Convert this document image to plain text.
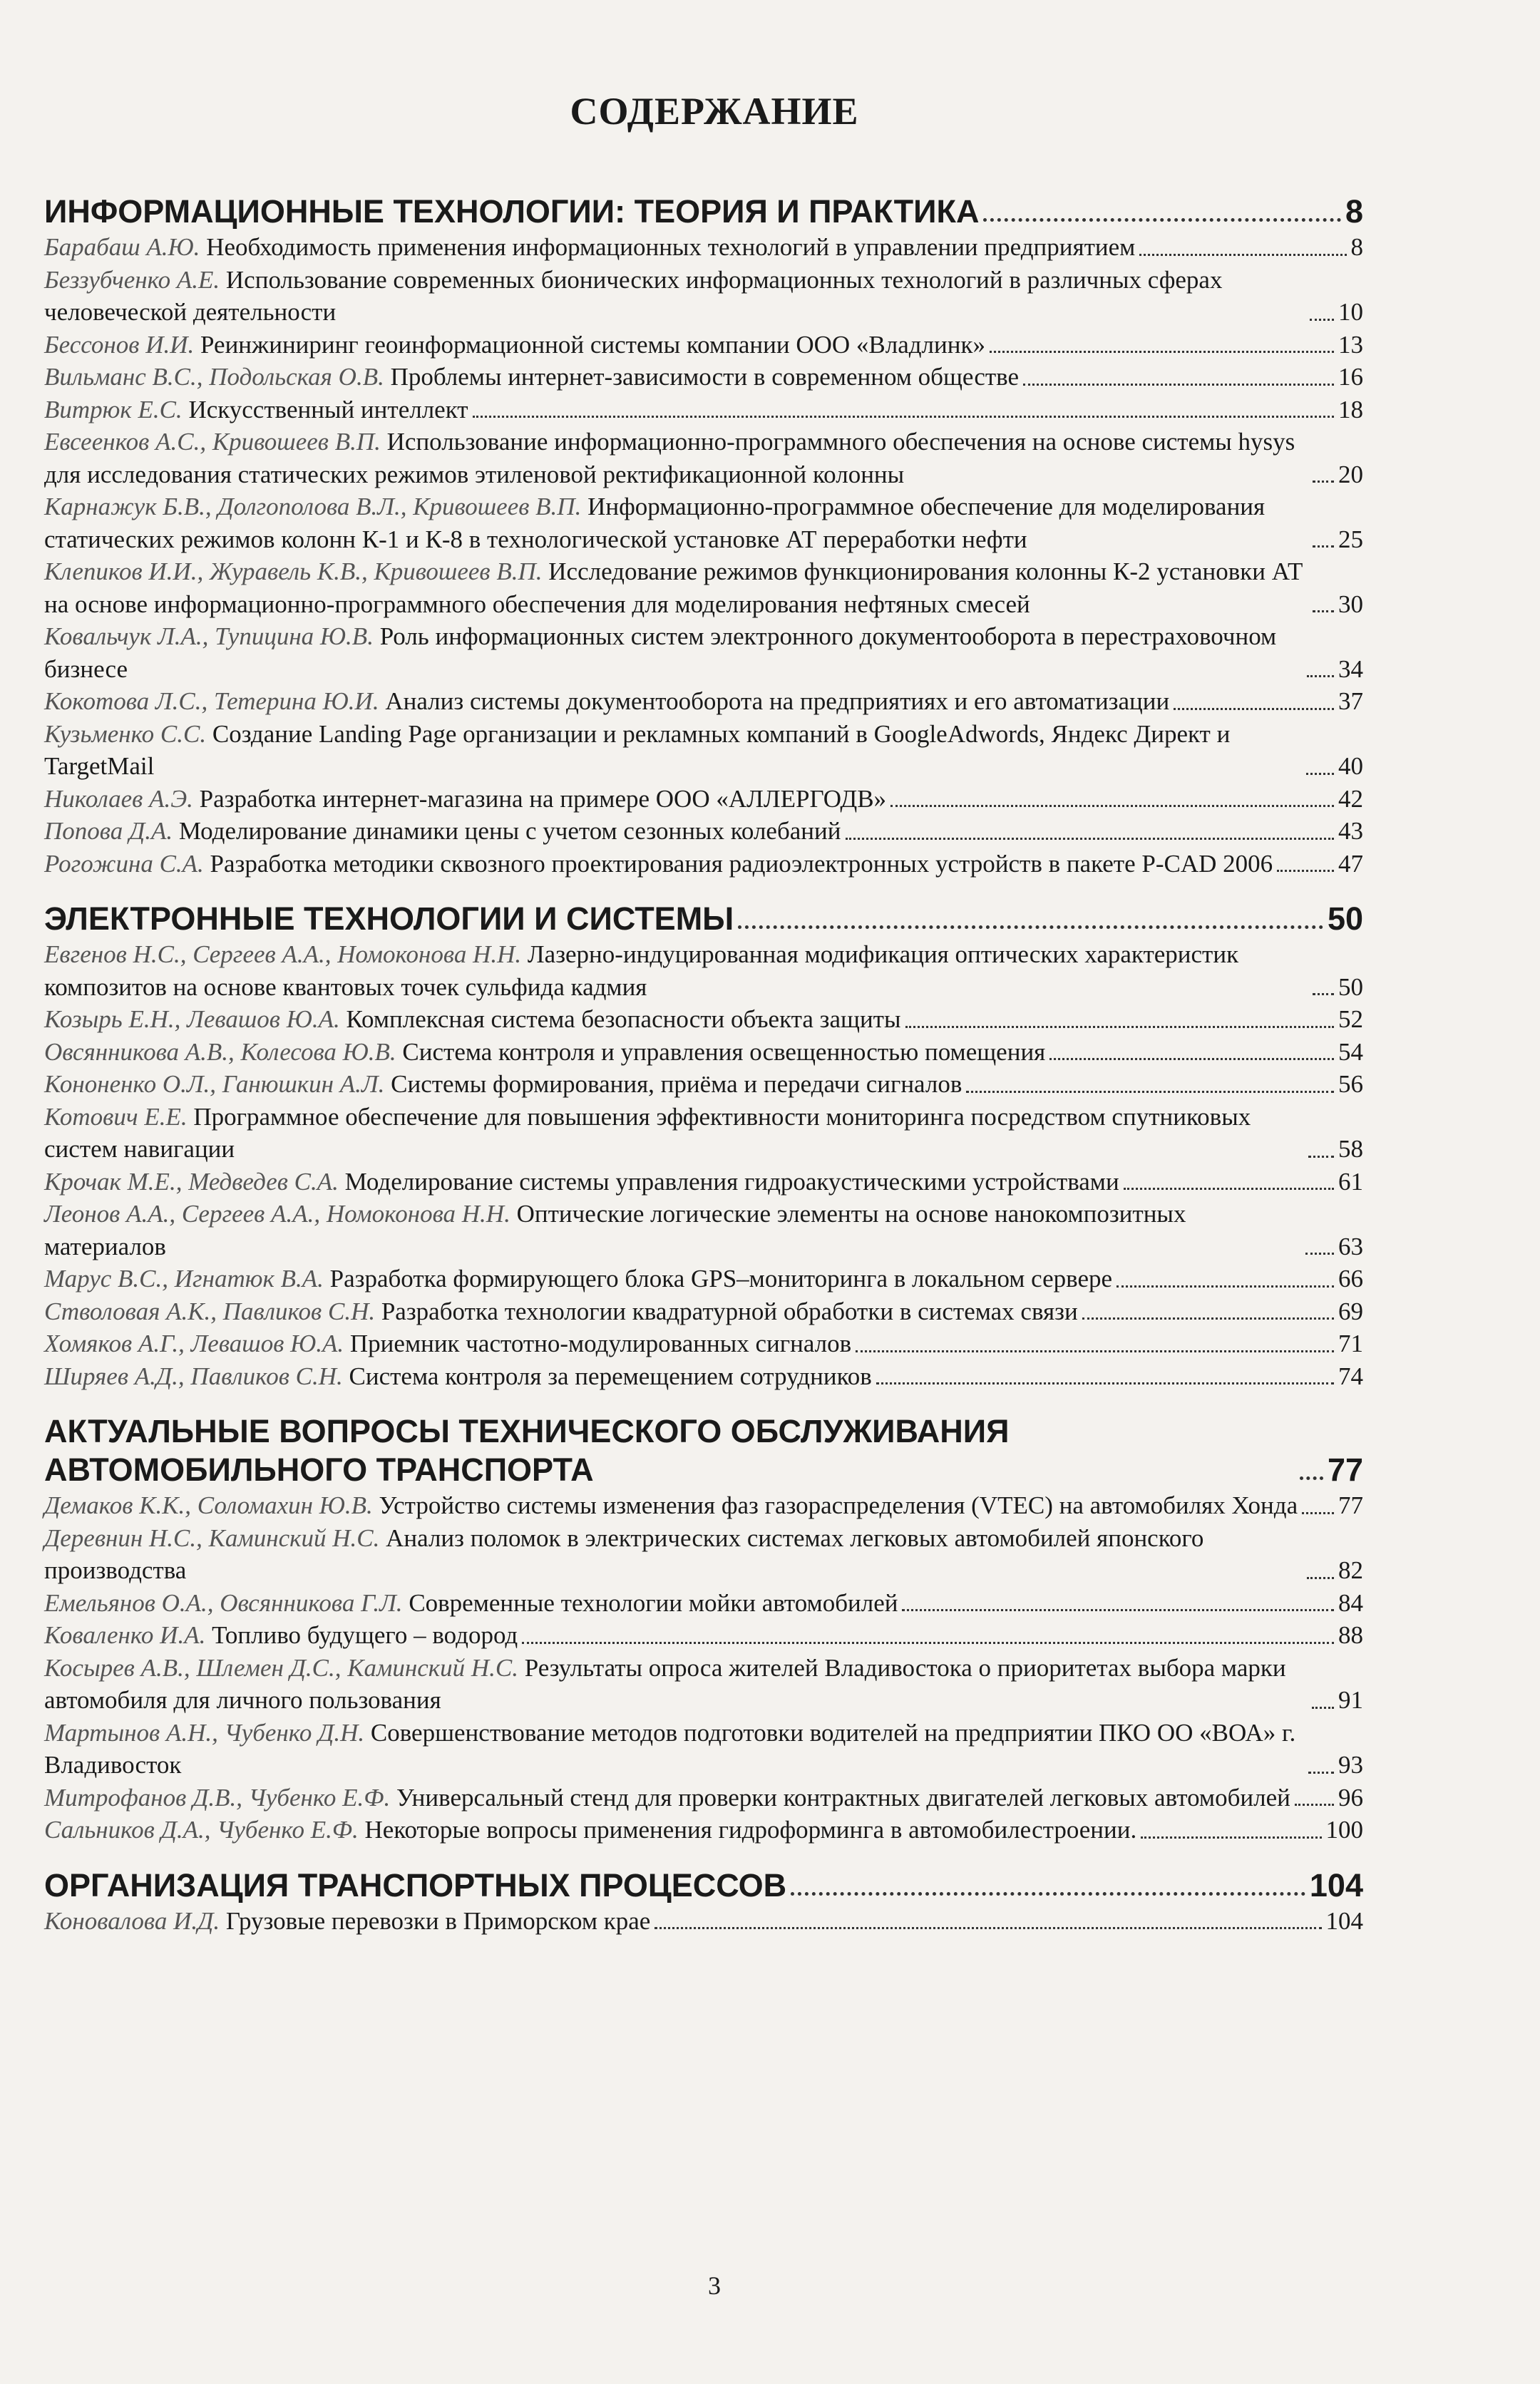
СОДЕРЖАНИЕ
ИНФОРМАЦИОННЫЕ ТЕХНОЛОГИИ: ТЕОРИЯ И ПРАКТИКА	8
Барабаш А.Ю. Необходимость применения информационных технологий в управлении предприятием	8
Беззубченко А.Е. Использование современных бионических информационных технологий в различных сферах человеческой деятельности	10
Бессонов И.И. Реинжиниринг геоинформационной системы компании ООО «Владлинк»	13
Вильманс В.С., Подольская О.В. Проблемы интернет-зависимости в современном обществе	16
Витрюк Е.С. Искусственный интеллект	18
Евсеенков А.С., Кривошеев В.П. Использование информационно-программного обеспечения на основе системы hysys для исследования статических режимов этиленовой ректификационной колонны	20
Карнажук Б.В., Долгополова В.Л., Кривошеев В.П. Информационно-программное обеспечение для моделирования статических режимов колонн К-1 и К-8 в технологической установке АТ переработки нефти	25
Клепиков И.И., Журавель К.В., Кривошеев В.П. Исследование режимов функционирования колонны К-2 установки АТ на основе информационно-программного обеспечения для моделирования нефтяных смесей	30
Ковальчук Л.А., Тупицина Ю.В. Роль информационных систем электронного документооборота в перестраховочном бизнесе	34
Кокотова Л.С., Тетерина Ю.И. Анализ системы документооборота на предприятиях и его автоматизации	37
Кузьменко С.С. Создание Landing Page организации и рекламных компаний в GoogleAdwords, Яндекс Директ и TargetMail	40
Николаев А.Э. Разработка интернет-магазина на примере ООО «АЛЛЕРГОДВ»	42
Попова Д.А. Моделирование динамики цены с учетом сезонных колебаний	43
Рогожина С.А. Разработка методики сквозного проектирования радиоэлектронных устройств в пакете P-CAD 2006	47
ЭЛЕКТРОННЫЕ ТЕХНОЛОГИИ И СИСТЕМЫ	50
Евгенов Н.С., Сергеев А.А., Номоконова Н.Н. Лазерно-индуцированная модификация оптических характеристик композитов на основе квантовых точек сульфида кадмия	50
Козырь Е.Н., Левашов Ю.А. Комплексная система безопасности объекта защиты	52
Овсянникова А.В., Колесова Ю.В. Система контроля и управления освещенностью помещения	54
Кононенко О.Л., Ганюшкин А.Л. Системы формирования, приёма и передачи сигналов	56
Котович Е.Е. Программное обеспечение для повышения эффективности мониторинга посредством спутниковых систем навигации	58
Крочак М.Е., Медведев С.А. Моделирование системы управления гидроакустическими устройствами	61
Леонов А.А., Сергеев А.А., Номоконова Н.Н. Оптические логические элементы на основе нанокомпозитных материалов	63
Марус В.С., Игнатюк В.А. Разработка формирующего блока GPS–мониторинга в локальном сервере	66
Стволовая А.К., Павликов С.Н. Разработка технологии квадратурной обработки в системах связи	69
Хомяков А.Г., Левашов Ю.А. Приемник частотно-модулированных сигналов	71
Ширяев А.Д., Павликов С.Н. Система контроля за перемещением сотрудников	74
АКТУАЛЬНЫЕ ВОПРОСЫ ТЕХНИЧЕСКОГО ОБСЛУЖИВАНИЯ АВТОМОБИЛЬНОГО ТРАНСПОРТА	77
Демаков К.К., Соломахин Ю.В. Устройство системы изменения фаз газораспределения (VTEC) на автомобилях Хонда 77
Деревнин Н.С., Каминский Н.С. Анализ поломок в электрических системах легковых автомобилей японского производства	82
Емельянов О.А., Овсянникова Г.Л. Современные технологии мойки автомобилей	84
Коваленко И.А. Топливо будущего – водород	88
Косырев А.В., Шлемен Д.С., Каминский Н.С. Результаты опроса жителей Владивостока о приоритетах выбора марки автомобиля для личного пользования	91
Мартынов А.Н., Чубенко Д.Н. Совершенствование методов подготовки водителей на предприятии ПКО ОО «ВОА» г. Владивосток	93
Митрофанов Д.В., Чубенко Е.Ф. Универсальный стенд для проверки контрактных двигателей легковых автомобилей 96
Сальников Д.А., Чубенко Е.Ф. Некоторые вопросы применения гидроформинга в автомобилестроении.	100
ОРГАНИЗАЦИЯ ТРАНСПОРТНЫХ ПРОЦЕССОВ	104
Коновалова И.Д. Грузовые перевозки в Приморском крае	104
3
